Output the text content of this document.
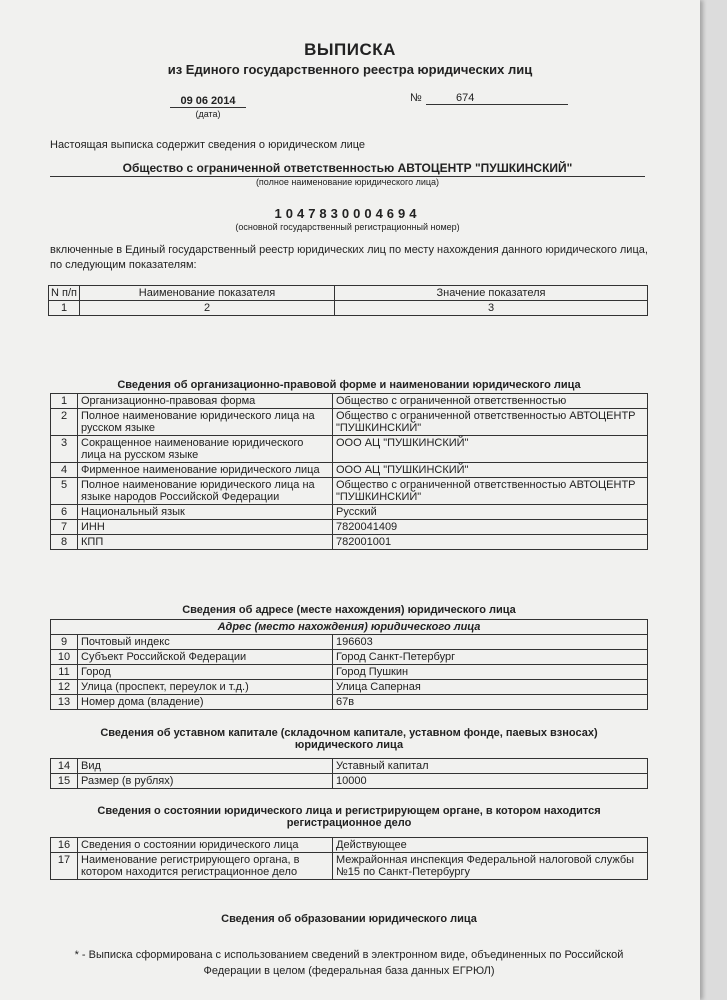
ВЫПИСКА
из Единого государственного реестра юридических лиц
09 06 2014
(дата)
№	674
Настоящая выписка содержит сведения о юридическом лице
Общество с ограниченной ответственностью АВТОЦЕНТР "ПУШКИНСКИЙ"
(полное наименование юридического лица)
1047830004694
(основной государственный регистрационный номер)
включенные в Единый государственный реестр юридических лиц по месту нахождения данного юридического лица, по следующим показателям:
N п/п	Наименование показателя	Значение показателя
1	2	3
Сведения об организационно-правовой форме и наименовании юридического лица
1	Организационно-правовая форма	Общество с ограниченной ответственностью
2	Полное наименование юридического лица на русском языке	Общество с ограниченной ответственностью АВТОЦЕНТР "ПУШКИНСКИЙ"
3	Сокращенное наименование юридического лица на русском языке	ООО АЦ "ПУШКИНСКИЙ"
4	Фирменное наименование юридического лица	ООО АЦ "ПУШКИНСКИЙ"
5	Полное наименование юридического лица на языке народов Российской Федерации	Общество с ограниченной ответственностью АВТОЦЕНТР "ПУШКИНСКИЙ"
6	Национальный язык	Русский
7	ИНН	7820041409
8	КПП	782001001
Сведения об адресе (месте нахождения) юридического лица
Адрес (место нахождения) юридического лица		
9	Почтовый индекс	196603
10	Субъект Российской Федерации	Город Санкт-Петербург
11	Город	Город Пушкин
12	Улица (проспект, переулок и т.д.)	Улица Саперная
13	Номер дома (владение)	67в
Сведения об уставном капитале (складочном капитале, уставном фонде, паевых взносах)
юридического лица
14	Вид	Уставный капитал
15	Размер (в рублях)	10000
Сведения о состоянии юридического лица и регистрирующем органе, в котором находится
регистрационное дело
16	Сведения о состоянии юридического лица	Действующее
17	Наименование регистрирующего органа, в котором находится регистрационное дело	Межрайонная инспекция Федеральной налоговой службы №15 по Санкт-Петербургу
Сведения об образовании юридического лица
* - Выписка сформирована с использованием сведений в электронном виде, объединенных по Российской
Федерации в целом (федеральная база данных ЕГРЮЛ)
